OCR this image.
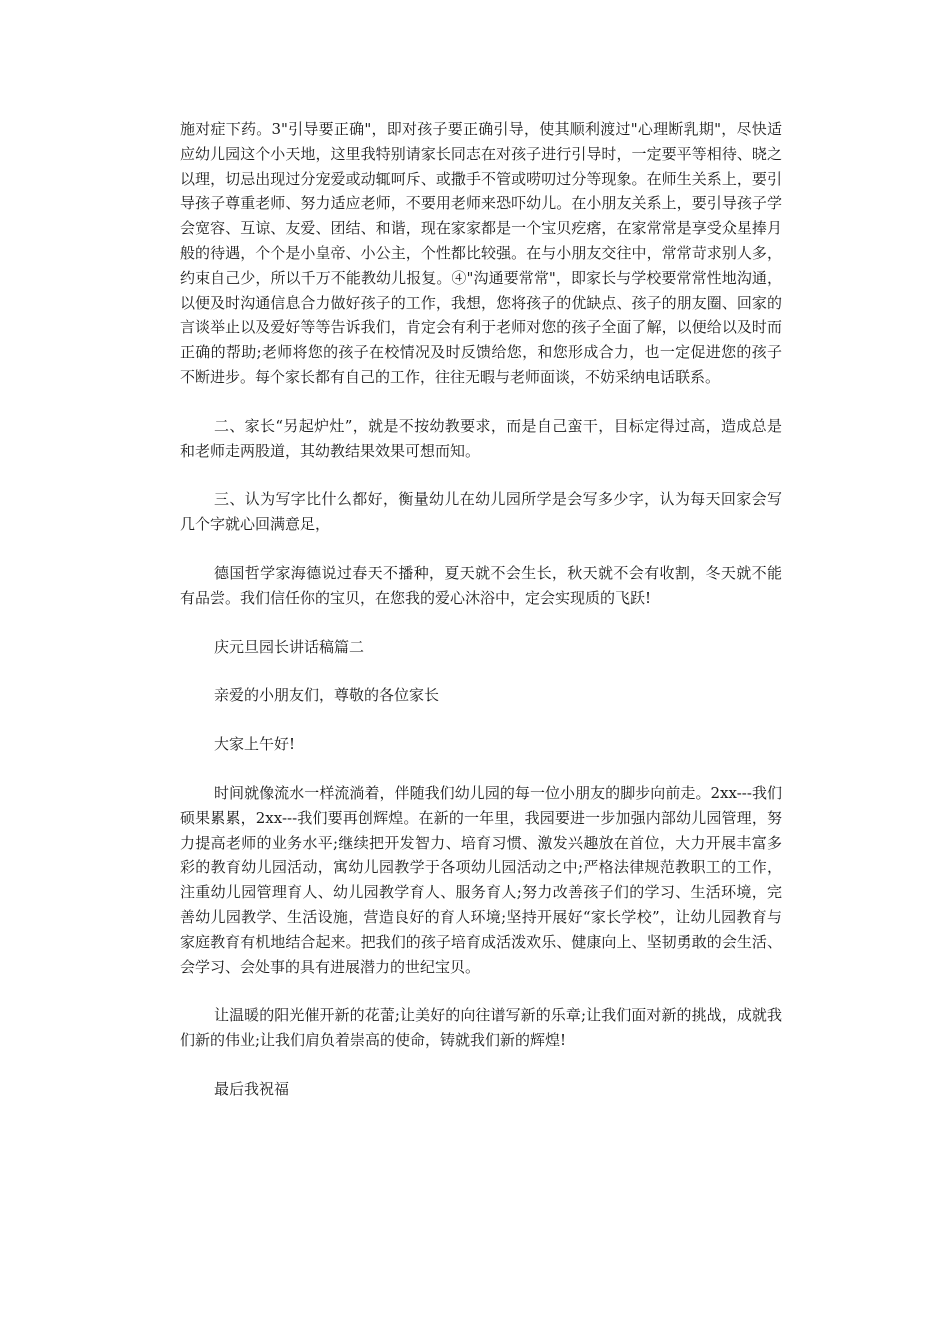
施对症下药。3"引导要正确"，即对孩子要正确引导，使其顺利渡过"心理断乳期"，尽快适应幼儿园这个小天地，这里我特别请家长同志在对孩子进行引导时，一定要平等相待、晓之以理，切忌出现过分宠爱或动辄呵斥、或撒手不管或唠叨过分等现象。在师生关系上，要引导孩子尊重老师、努力适应老师，不要用老师来恐吓幼儿。在小朋友关系上，要引导孩子学会宽容、互谅、友爱、团结、和谐，现在家家都是一个宝贝疙瘩，在家常常是享受众星捧月般的待遇，个个是小皇帝、小公主，个性都比较强。在与小朋友交往中，常常苛求别人多，约束自己少，所以千万不能教幼儿报复。④"沟通要常常"，即家长与学校要常常性地沟通，以便及时沟通信息合力做好孩子的工作，我想，您将孩子的优缺点、孩子的朋友圈、回家的言谈举止以及爱好等等告诉我们，肯定会有利于老师对您的孩子全面了解，以便给以及时而正确的帮助;老师将您的孩子在校情况及时反馈给您，和您形成合力，也一定促进您的孩子不断进步。每个家长都有自己的工作，往往无暇与老师面谈，不妨采纳电话联系。

二、家长“另起炉灶”，就是不按幼教要求，而是自己蛮干，目标定得过高，造成总是和老师走两股道，其幼教结果效果可想而知。

三、认为写字比什么都好，衡量幼儿在幼儿园所学是会写多少字，认为每天回家会写几个字就心回满意足，

德国哲学家海德说过春天不播种，夏天就不会生长，秋天就不会有收割，冬天就不能有品尝。我们信任你的宝贝，在您我的爱心沐浴中，定会实现质的飞跃!

庆元旦园长讲话稿篇二

亲爱的小朋友们，尊敬的各位家长

大家上午好!

时间就像流水一样流淌着，伴随我们幼儿园的每一位小朋友的脚步向前走。2xx---我们硕果累累，2xx---我们要再创辉煌。在新的一年里，我园要进一步加强内部幼儿园管理，努力提高老师的业务水平;继续把开发智力、培育习惯、激发兴趣放在首位，大力开展丰富多彩的教育幼儿园活动，寓幼儿园教学于各项幼儿园活动之中;严格法律规范教职工的工作，注重幼儿园管理育人、幼儿园教学育人、服务育人;努力改善孩子们的学习、生活环境，完善幼儿园教学、生活设施，营造良好的育人环境;坚持开展好“家长学校”，让幼儿园教育与家庭教育有机地结合起来。把我们的孩子培育成活泼欢乐、健康向上、坚韧勇敢的会生活、会学习、会处事的具有进展潜力的世纪宝贝。

让温暖的阳光催开新的花蕾;让美好的向往谱写新的乐章;让我们面对新的挑战，成就我们新的伟业;让我们肩负着崇高的使命，铸就我们新的辉煌!

最后我祝福
